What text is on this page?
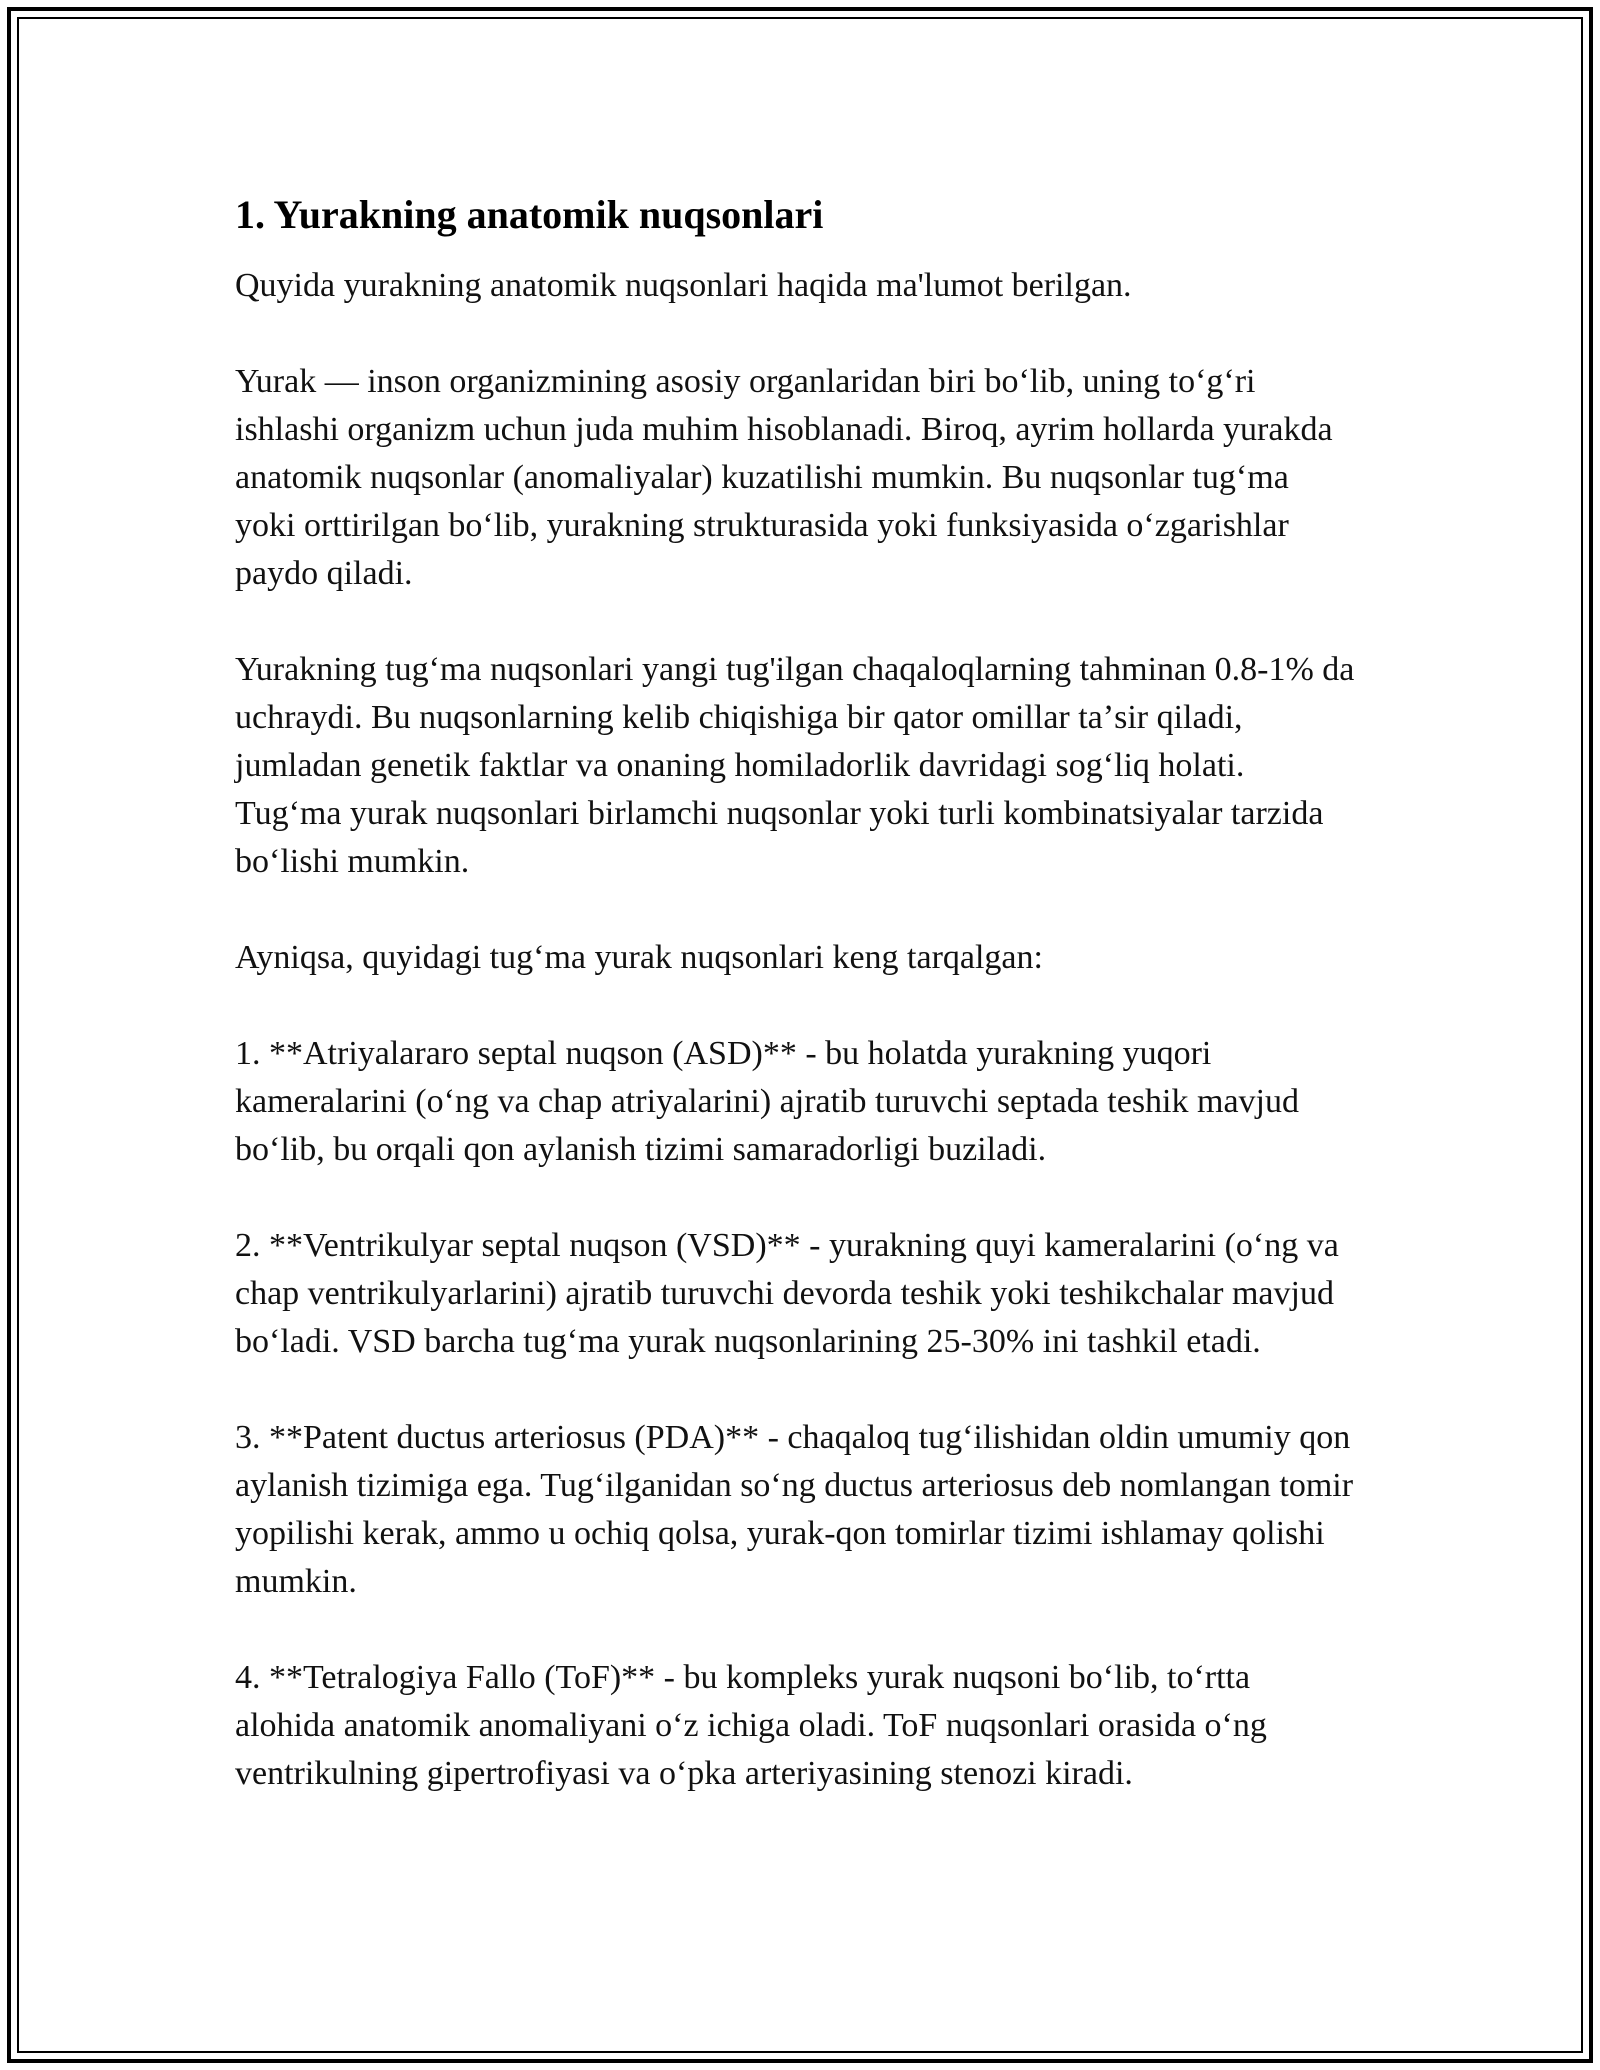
1. Yurakning anatomik nuqsonlari

Quyida yurakning anatomik nuqsonlari haqida ma'lumot berilgan.

Yurak — inson organizmining asosiy organlaridan biri boʻlib, uning toʻgʻri ishlashi organizm uchun juda muhim hisoblanadi. Biroq, ayrim hollarda yurakda anatomik nuqsonlar (anomaliyalar) kuzatilishi mumkin. Bu nuqsonlar tugʻma yoki orttirilgan boʻlib, yurakning strukturasida yoki funksiyasida oʻzgarishlar paydo qiladi.

Yurakning tugʻma nuqsonlari yangi tug'ilgan chaqaloqlarning tahminan 0.8-1% da uchraydi. Bu nuqsonlarning kelib chiqishiga bir qator omillar taʼsir qiladi, jumladan genetik faktlar va onaning homiladorlik davridagi sogʻliq holati. Tugʻma yurak nuqsonlari birlamchi nuqsonlar yoki turli kombinatsiyalar tarzida boʻlishi mumkin.

Ayniqsa, quyidagi tugʻma yurak nuqsonlari keng tarqalgan:

1. **Atriyalararo septal nuqson (ASD)** - bu holatda yurakning yuqori kameralarini (oʻng va chap atriyalarini) ajratib turuvchi septada teshik mavjud boʻlib, bu orqali qon aylanish tizimi samaradorligi buziladi.

2. **Ventrikulyar septal nuqson (VSD)** - yurakning quyi kameralarini (oʻng va chap ventrikulyarlarini) ajratib turuvchi devorda teshik yoki teshikchalar mavjud boʻladi. VSD barcha tugʻma yurak nuqsonlarining 25-30% ini tashkil etadi.

3. **Patent ductus arteriosus (PDA)** - chaqaloq tugʻilishidan oldin umumiy qon aylanish tizimiga ega. Tugʻilganidan soʻng ductus arteriosus deb nomlangan tomir yopilishi kerak, ammo u ochiq qolsa, yurak-qon tomirlar tizimi ishlamay qolishi mumkin.

4. **Tetralogiya Fallo (ToF)** - bu kompleks yurak nuqsoni boʻlib, toʻrtta alohida anatomik anomaliyani oʻz ichiga oladi. ToF nuqsonlari orasida oʻng ventrikulning gipertrofiyasi va oʻpka arteriyasining stenozi kiradi.
